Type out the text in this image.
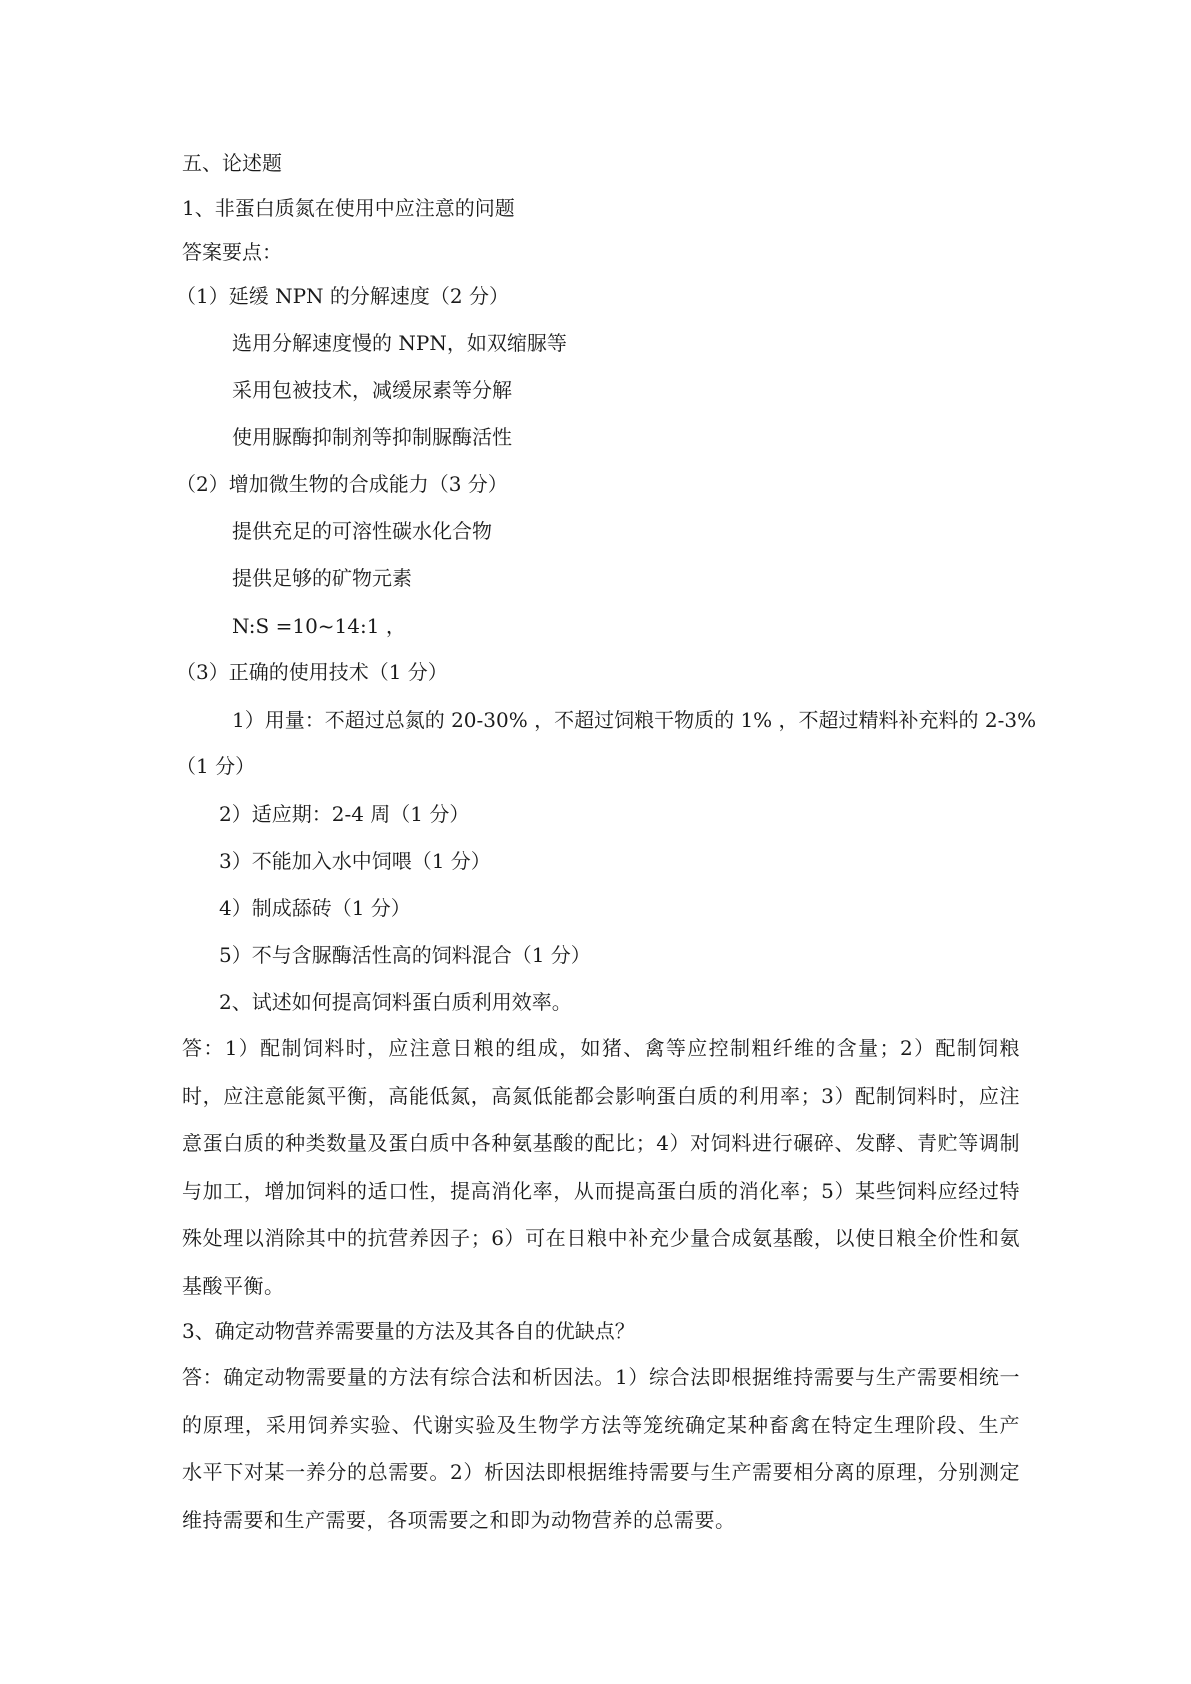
五、论述题
1、非蛋白质氮在使用中应注意的问题
答案要点：
（1）延缓 NPN 的分解速度（2 分）
选用分解速度慢的 NPN，如双缩脲等
采用包被技术，减缓尿素等分解
使用脲酶抑制剂等抑制脲酶活性
（2）增加微生物的合成能力（3 分）
提供充足的可溶性碳水化合物
提供足够的矿物元素
N:S =10~14:1 ，
（3）正确的使用技术（1 分）
1）用量：不超过总氮的 20-30% ，不超过饲粮干物质的 1% ，不超过精料补充料的 2-3%
（1 分）
2）适应期：2-4 周（1 分）
3）不能加入水中饲喂（1 分）
4）制成舔砖（1 分）
5）不与含脲酶活性高的饲料混合（1 分）
2、试述如何提高饲料蛋白质利用效率。
答：1）配制饲料时，应注意日粮的组成，如猪、禽等应控制粗纤维的含量；2）配制饲粮时，应注意能氮平衡，高能低氮，高氮低能都会影响蛋白质的利用率；3）配制饲料时，应注意蛋白质的种类数量及蛋白质中各种氨基酸的配比；4）对饲料进行碾碎、发酵、青贮等调制与加工，增加饲料的适口性，提高消化率，从而提高蛋白质的消化率；5）某些饲料应经过特殊处理以消除其中的抗营养因子；6）可在日粮中补充少量合成氨基酸，以使日粮全价性和氨基酸平衡。
3、确定动物营养需要量的方法及其各自的优缺点？
答：确定动物需要量的方法有综合法和析因法。1）综合法即根据维持需要与生产需要相统一的原理，采用饲养实验、代谢实验及生物学方法等笼统确定某种畜禽在特定生理阶段、生产水平下对某一养分的总需要。2）析因法即根据维持需要与生产需要相分离的原理，分别测定维持需要和生产需要，各项需要之和即为动物营养的总需要。
